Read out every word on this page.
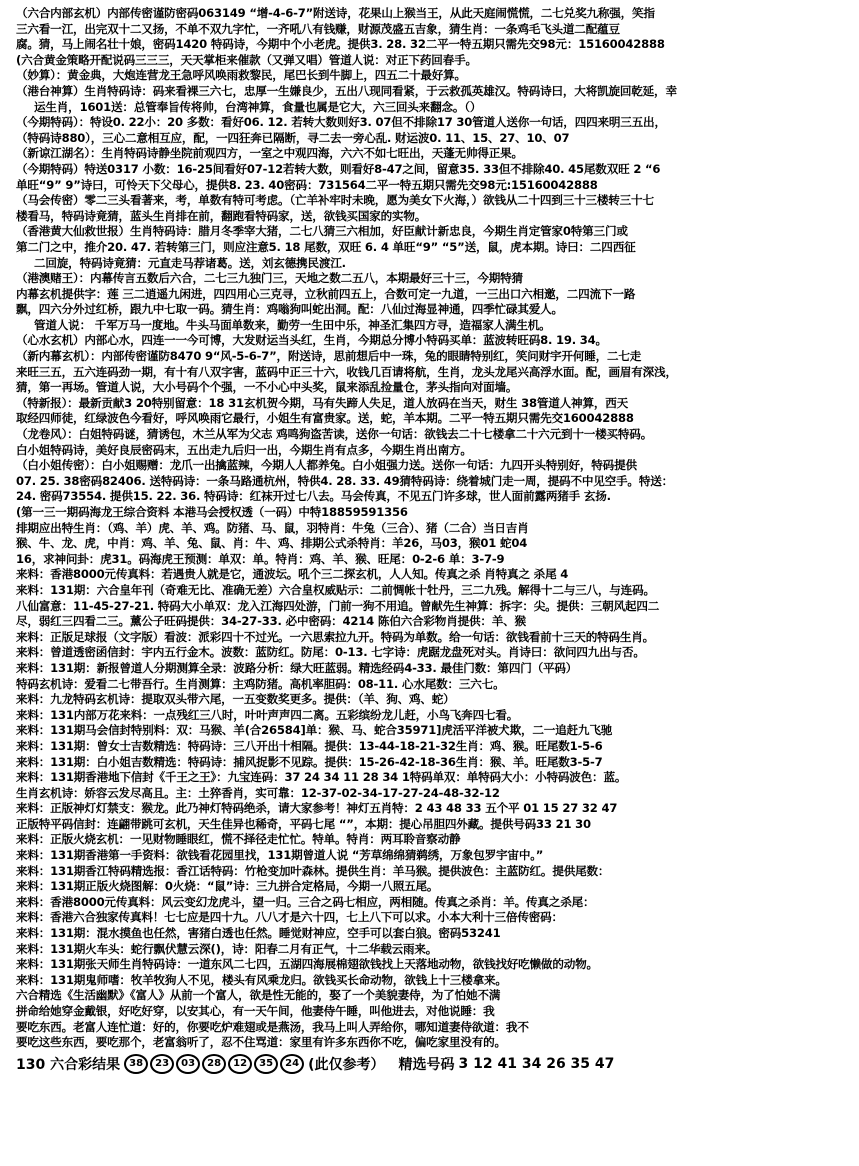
（六合内部玄机）内部传密谨防密码063149 “增-4-6-7”附送诗，花果山上猴当王，从此天庭闹慌慌，二七兑奖九称强，笑指
三六看一江，出完双十二又扬，不单不双九字忙，一齐吼八有钱赚，财源茂盛五吉象，猜生肖：一条鸡毛飞头道二配蕴豆
腐。猜，马上闹名壮十娘，密码1420 特码诗，今期中个小老虎。提供3. 28. 32二平一特五期只需先交98元：15160042888
(六合黄金策略开配说码三三三，天天掌柜来催款（又弹又唱）管道人说：对正下药回春手。
（妙算）：黄金典，大炮连营龙王急呼风唤雨救黎民，尾巴长到牛脚上，四五二十最好算。
（港台神算）生肖特码诗：码来看裸三六七，忠厚一生嫌良少，五出八现同看紧，于云救孤英雄汉。特码诗曰，大将凯旋回乾延，幸
运生肖，1601送：总管奉旨传将帅，台湾神算，食量也属是它大，六三回头来翻念。（）
（今期特码）：特设0. 22小：20 多数：看好06. 12. 若转大数则好3. 07但不排除17 30管道人送你一句话，四四来明三五出，
（特码诗880），三心二意相互应，配，一四狂奔已隔断，寻二去一旁心乱. 财运波0. 11、15、27、10、07
（新谅江湖名）：生肖特码诗静坐院前观四方，一室之中观四海，六六不如七旺出，天蓬无帅得正果。
（今期特码）特送0317 小数：16-25间看好07-12若转大数，则看好8-47之间，留意35. 33但不排除40. 45尾数双旺 2 “6
单旺“9” 9”诗曰，可怜天下父母心，提供8. 23. 40密码：731564二平一特五期只需先交98元:15160042888
（马会传密）零二三头看著来，考，单数有特可考虑。（亡羊补牢时未晚，愿为美女下火海，）欲钱从二十四到三十三楼转三十七
楼看马，特码诗竟猜，蓝头生肖排在前，翻跑看特码家，送，欲钱买国家的实物。
（香港黄大仙救世报）生肖特码诗：腊月冬季宰大猪，二七八猜三六相加，好臣献计新忠良，今期生肖定管家0特第三门或
第二门之中，推介20. 47. 若转第三门，则应注意5. 18 尾数，双旺 6. 4 单旺“9” “5”送，鼠，虎本期。诗曰：二四西征
二回旋，特码诗竟猜：元直走马荐诸葛。送，刘玄德携民渡江.
（港澳赌王）：内幕传言五数后六合，二七三九独门三，天地之数二五八，本期最好三十三，今期特猜
内幕玄机提供字：莲 三二逍遥九闲进，四四用心三克寻，立秋前四五上，合数可定一九道，一三出口六相邀，二四流下一路
飘，四六分外过红桥，跟九中七取一码。猜生肖：鸡嗡狗叫蛇出洞。配：八仙过海显神通，四季忙碌其爱人。
管道人说： 千军万马一度地。牛头马面单数来，勤劳一生田中乐，神圣汇集四方寻，造福家人满生机。
（心水玄机）内部心水，四连一一今可博，大发财运当头红，生肖，今期总分博小特码买单：蓝波转旺码8. 19. 34。
（新内幕玄机）：内部传密谨防8470 9“风-5-6-7”，附送诗，思前想后中一珠，兔的眼睛特别红，笑问财宇开何睡，二七走
来旺三五，五六连码劲一期，有十有八双字害，蓝码中正三十六，收钱几百请将航，生肖，龙头龙尾兴高浮水面。配，画眉有深浅，
猜，第一再场。管道人说，大小号码个个强，一不小心中头奖，鼠来添乱捡量仓，茅头指向对面墙。
（特新报）：最新贡献3 20特别留意：18 31玄机贺今期，马有失蹄人失足，道人放码在当天，财生 38管道人神算，西天
取经四师徒，红绿波色今看好，呼风唤雨它最行，小姐生有富贵家。送，蛇，羊本期。二平一特五期只需先交160042888
（龙卷风）：白姐特码谜，猜诱包，木兰从军为父志 鸡鸣狗盗苦读，送你一句话：欲钱去二十七楼拿二十六元到十一楼买特码。
白小姐特码诗，美好良辰密码末，五出走九后归一出，今期生肖有点多，今期生肖出南方。
（白小姐传密）：白小姐赐赠：龙爪一出擒蓝辣，今期人人都养兔。白小姐强力送。送你一句话：九四开头特别好，特码提供
07. 25. 38密码82406. 送特码诗：一条马路通杭州，特供4. 28. 33. 49猜特码诗：绕着城门走一周，提码不中见空手。特送：
24. 密码73554. 提供15. 22. 36. 特码诗：红袜开过七八去。马会传真，不见五门许多球，世人面前露两猪手 玄扬.
(第一三一期码海龙王综合资料 本港马会授权透（一码）中特18859591356
排期应出特生肖：（鸡、羊）虎、羊、鸡。防猪、马、鼠，羽特肖：牛兔（三合）、猪（二合）当日吉肖
猴、牛、龙、虎，中肖：鸡、羊、兔、鼠、肖：牛、鸡、排期公式杀特肖：羊26，马03，猴01 蛇04
16，求神问卦：虎31。码海虎王预测：单双：单。特肖：鸡、羊、猴、旺尾：0-2-6 单：3-7-9
来料：香港8000元传真料：若遇贵人就是它，通波坛。吼个三二探玄机，人人知。传真之杀 肖特真之 杀尾 4
来料：131期：六合皇年刊（奇难无比、准确无差）六合皇权威贴示：二前惆帐十牡丹，三二九残。解得十二与三八，与连码。
八仙富意：11-45-27-21. 特码大小单双：龙入江海四处游，门前一狗不用追。曾献先生神算：拆字：尖。提供：三朝风起四二
尽，弱红三四看二三。薰公子旺码提供：34-27-33. 必中密码：4214 陈伯六合彩物肖提供：羊、猴
来料：正版足球报（文字版）看波：派彩四十不过光。一六思索拉九开。特码为单数。给一句话：欲钱看前十三天的特码生肖。
来料：曾道透密函信封：宇内五行金木。波数：蓝防红。防尾：0-13. 七字诗：虎踞龙盘死对头。肖诗曰：欲问四九出与否。
来料：131期：新报曾道人分期测算全录：波路分析：绿大旺蓝弱。精选经码4-33. 最佳门数：第四门（平码）
特码玄机诗：爱看二七带吾行。生肖测算：主鸡防猪。高机率胆码：08-11. 心水尾数：三六七。
来料：九龙特码玄机诗：提取双头带六尾，一五变数奖更多。提供：（羊、狗、鸡、蛇）
来料：131内部万花来料：一点残红三八时，叶叶声声四二离。五彩缤纷龙儿赶，小鸟飞奔四七看。
来料：131期马会信封特别料：双：马猴、羊(合26584]单：猴、马、蛇合35971]虎活平洋被犬欺，二一追赶九飞驰
来料：131期：曾女士吉数精选：特码诗：三八开出十相隔。提供：13-44-18-21-32生肖：鸡、猴。旺尾数1-5-6
来料：131期：白小姐吉数精选：特码诗：捕风捉影不见踪。提供：15-26-42-18-36生肖：猴、羊。旺尾数3-5-7
来料：131期香港地下信封《千王之王》：九宝连码：37 24 34 11 28 34 1特码单双：单特码大小：小特码波色：蓝。
生肖玄机诗：娇容云发尽高且。主：土猝香肖，实可靠：12-37-02-34-17-27-24-48-32-12
来料：正版神灯灯禁支：猴龙。此乃神灯特码绝杀，请大家参考！神灯五肖特：2 43 48 33 五个平 01 15 27 32 47
正版特平码信封：连翩带跳可玄机，天生佳异也稀奇，平码七尾 “”，本期：提心吊胆四外藏。提供号码33 21 30
来料：正版火烧玄机：一见财物睡眼红，慌不择径走忙忙。特单。特肖：两耳聆音察动静
来料：131期香港第一手资料：欲钱看花园里找，131期曾道人说 “芳草绵绵猜鹈绣，万象包罗宇宙中。”
来料：131期香江特码精选报：香江话特码：竹枪变加叶森林。提供生肖：羊马猴。提供波色：主蓝防红。提供尾数：
来料：131期正版火烧图解：0火烧：“鼠”诗：三九拼合定格局，今期一八照五尾。
来料：香港8000元传真料：风云变幻龙虎斗，望一归。三合之码七相应，两相随。传真之杀肖：羊。传真之杀尾：
来料：香港六合独家传真料！七七应是四十九。八八才是六十四，七上八下可以求。小本大利十三倍传密码：
来料：131期：混水摸鱼也任然，害猪白透也任然。睡觉财神应，空手可以套白狼。密码53241
来料：131期火车头：蛇行飘伏慧云深()，诗：阳春二月有正气，十二华载云雨来。
来料：131期张天师生肖特码诗：一道东风二七四，五湖四海展棉翅欲钱找上天落地动物，欲钱找好吃懒做的动物。
来料：131期鬼师嗜：牧羊牧狗人不见，楼头有风乘龙归。欲钱买长命动物，欲钱上十三楼拿来。
六合精选《生活幽默》《富人》从前一个富人，欲是性无能的，娶了一个美貌妻侍，为了怕她不满
拼命给她穿金戴银，好吃好穿，以安其心，有一天午间，他妻侍午睡，叫他进去，对他说睡：我
要吃东西。老富人连忙道：好的，你要吃炉难翅或是燕汤，我马上叫人弄给你，哪知道妻侍欲道：我不
要吃这些东西，要吃那个，老富翁听了，忍不住骂道：家里有许多东西你不吃，偏吃家里没有的。
130 六合彩结果 38	23	03	28	12	35	24 (此仅参考） 精选号码 3 12 41 34 26 35 47
